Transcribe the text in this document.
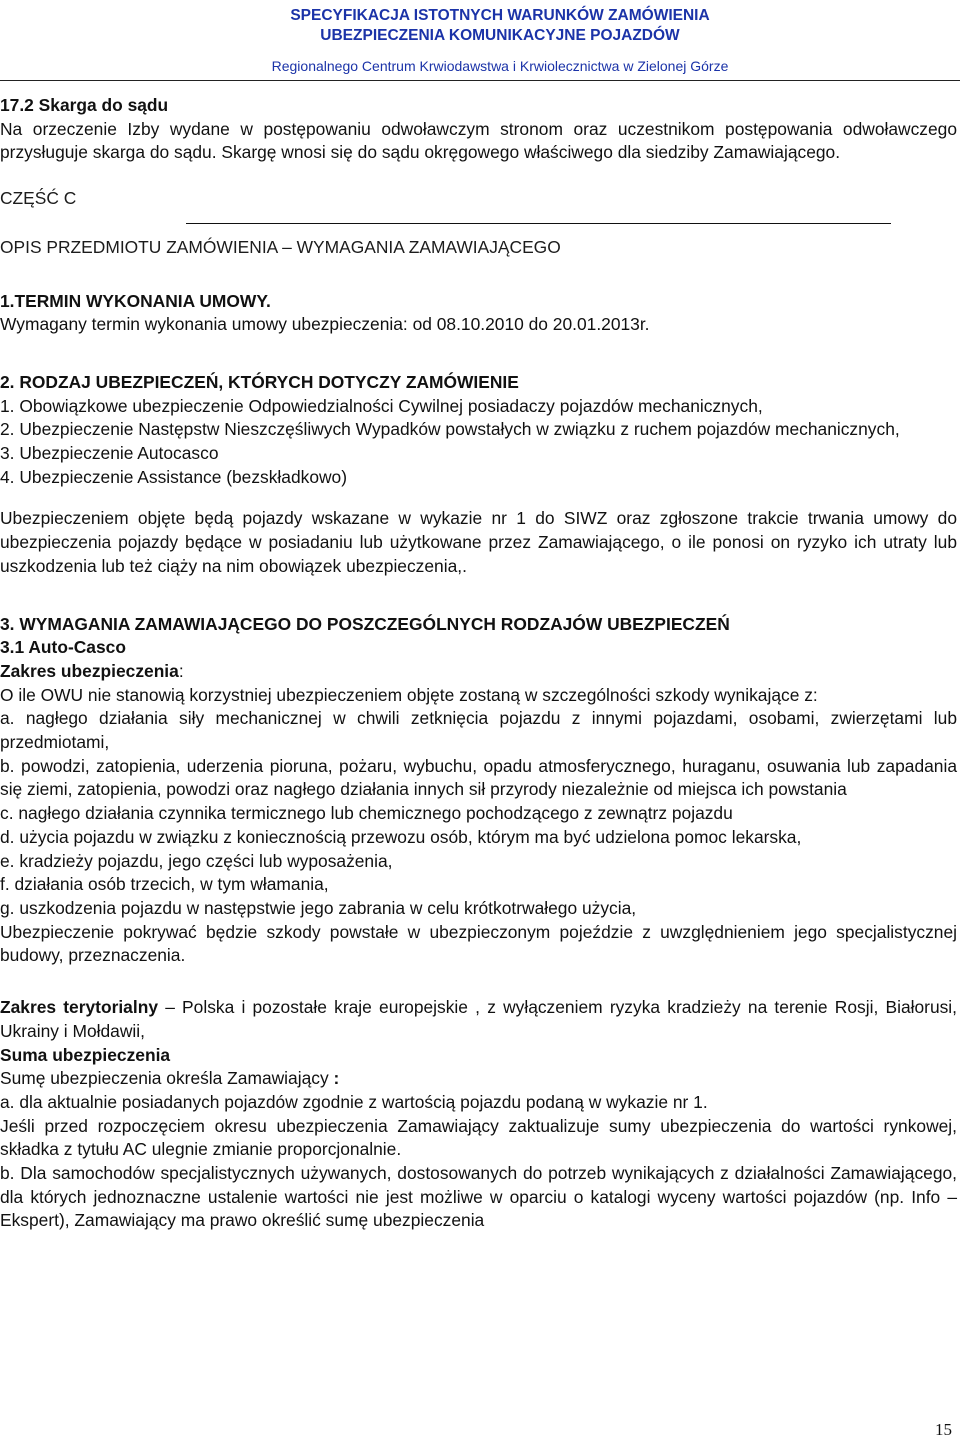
SPECYFIKACJA ISTOTNYCH WARUNKÓW ZAMÓWIENIA
UBEZPIECZENIA KOMUNIKACYJNE POJAZDÓW
Regionalnego Centrum Krwiodawstwa i Krwiolecznictwa w Zielonej Górze

17.2 Skarga do sądu

Na orzeczenie Izby wydane w postępowaniu odwoławczym stronom oraz uczestnikom postępowania odwoławczego przysługuje skarga do sądu. Skargę wnosi się do sądu okręgowego właściwego dla siedziby Zamawiającego.

CZĘŚĆ C

OPIS PRZEDMIOTU ZAMÓWIENIA – WYMAGANIA ZAMAWIAJĄCEGO

1.TERMIN WYKONANIA UMOWY.

Wymagany termin wykonania umowy ubezpieczenia: od 08.10.2010 do 20.01.2013r.

2. RODZAJ UBEZPIECZEŃ, KTÓRYCH DOTYCZY ZAMÓWIENIE

1. Obowiązkowe ubezpieczenie Odpowiedzialności Cywilnej posiadaczy pojazdów mechanicznych,

2. Ubezpieczenie Następstw Nieszczęśliwych Wypadków powstałych w związku z ruchem pojazdów mechanicznych,

3. Ubezpieczenie Autocasco

4. Ubezpieczenie Assistance (bezskładkowo)

Ubezpieczeniem objęte będą pojazdy wskazane w wykazie nr 1 do SIWZ oraz zgłoszone trakcie trwania umowy do ubezpieczenia pojazdy będące w posiadaniu lub użytkowane przez Zamawiającego, o ile ponosi on ryzyko ich utraty lub uszkodzenia lub też ciąży na nim obowiązek ubezpieczenia,.

3. WYMAGANIA ZAMAWIAJĄCEGO DO POSZCZEGÓLNYCH RODZAJÓW UBEZPIECZEŃ

3.1 Auto-Casco

Zakres ubezpieczenia:

O ile OWU nie stanowią korzystniej ubezpieczeniem objęte zostaną w szczególności szkody wynikające z:

a. nagłego działania siły mechanicznej w chwili zetknięcia pojazdu z innymi pojazdami, osobami, zwierzętami lub przedmiotami,

b. powodzi, zatopienia, uderzenia pioruna, pożaru, wybuchu, opadu atmosferycznego, huraganu, osuwania lub zapadania się ziemi, zatopienia, powodzi oraz nagłego działania innych sił przyrody niezależnie od miejsca ich powstania

c. nagłego działania czynnika termicznego lub chemicznego pochodzącego z zewnątrz pojazdu

d. użycia pojazdu w związku z koniecznością przewozu osób, którym ma być udzielona pomoc lekarska,

e. kradzieży pojazdu, jego części lub wyposażenia,

f. działania osób trzecich, w tym włamania,

g. uszkodzenia pojazdu w następstwie jego zabrania w celu krótkotrwałego użycia,

Ubezpieczenie pokrywać będzie szkody powstałe w ubezpieczonym pojeździe z uwzględnieniem jego specjalistycznej budowy, przeznaczenia.

Zakres terytorialny – Polska i pozostałe kraje europejskie , z wyłączeniem ryzyka kradzieży na terenie Rosji, Białorusi, Ukrainy i Mołdawii,

Suma ubezpieczenia

Sumę ubezpieczenia określa Zamawiający :

a. dla aktualnie posiadanych pojazdów zgodnie z wartością pojazdu podaną w wykazie nr 1.

Jeśli przed rozpoczęciem okresu ubezpieczenia Zamawiający zaktualizuje sumy ubezpieczenia do wartości rynkowej, składka z tytułu AC ulegnie zmianie proporcjonalnie.

b. Dla samochodów specjalistycznych używanych, dostosowanych do potrzeb wynikających z działalności Zamawiającego, dla których jednoznaczne ustalenie wartości nie jest możliwe w oparciu o katalogi wyceny wartości pojazdów (np. Info – Ekspert), Zamawiający ma prawo określić sumę ubezpieczenia

15
